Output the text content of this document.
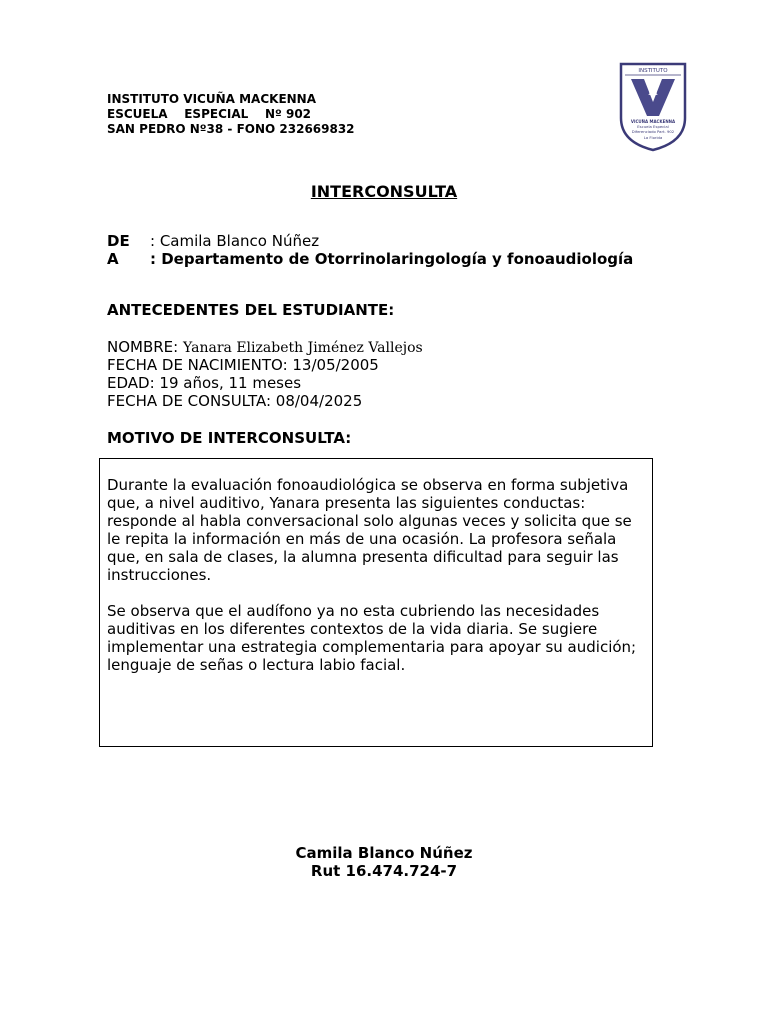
INSTITUTO VICUÑA MACKENNA
ESCUELA    ESPECIAL    Nº 902
SAN PEDRO Nº38 - FONO 232669832
INSTITUTO
M
VICUÑA MACKENNA
Escuela Especial
Diferenciado Part. 902
La Florida
INTERCONSULTA
DE : Camila Blanco Núñez
A : Departamento de Otorrinolaringología y fonoaudiología
ANTECEDENTES DEL ESTUDIANTE:
NOMBRE: Yanara Elizabeth Jiménez Vallejos
FECHA DE NACIMIENTO: 13/05/2005
EDAD: 19 años, 11 meses
FECHA DE CONSULTA: 08/04/2025
MOTIVO DE INTERCONSULTA:

Durante la evaluación fonoaudiológica se observa en forma subjetiva que, a nivel auditivo, Yanara presenta las siguientes conductas: responde al habla conversacional solo algunas veces y solicita que se le repita la información en más de una ocasión. La profesora señala que, en sala de clases, la alumna presenta dificultad para seguir las instrucciones.

Se observa que el audífono ya no esta cubriendo las necesidades auditivas en los diferentes contextos de la vida diaria. Se sugiere implementar una estrategia complementaria para apoyar su audición; lenguaje de señas o lectura labio facial.

Camila Blanco Núñez
Rut 16.474.724-7
